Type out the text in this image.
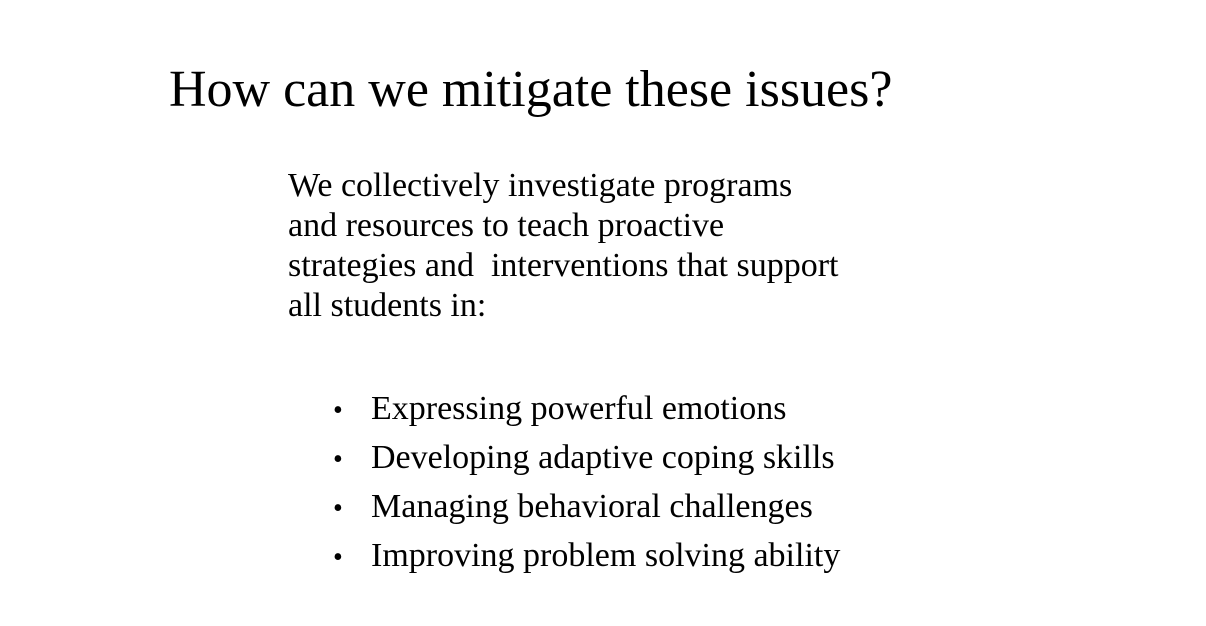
How can we mitigate these issues?

We collectively investigate programs
and resources to teach proactive
strategies and  interventions that support
all students in:

• Expressing powerful emotions
• Developing adaptive coping skills
• Managing behavioral challenges
• Improving problem solving ability
